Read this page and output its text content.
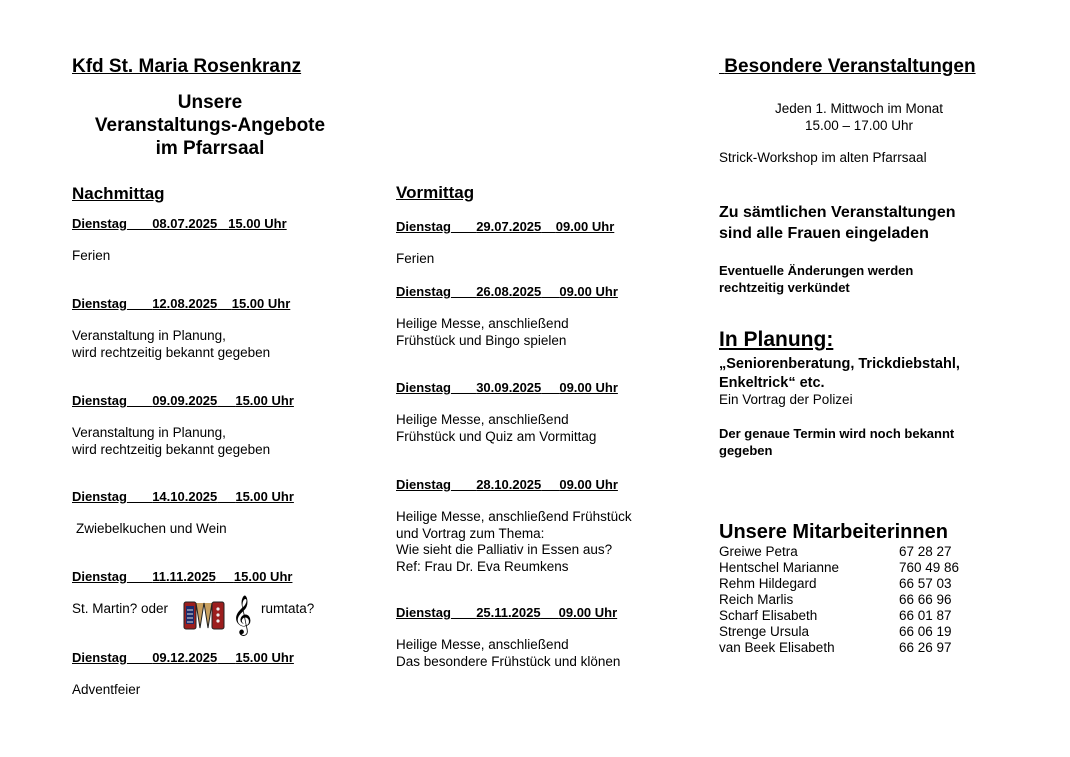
Kfd St. Maria Rosenkranz
Unsere
Veranstaltungs-Angebote
im Pfarrsaal
Nachmittag
Dienstag 08.07.2025 15.00 Uhr
Ferien
Dienstag 12.08.2025 15.00 Uhr
Veranstaltung in Planung,
wird rechtzeitig bekannt gegeben
Dienstag 09.09.2025 15.00 Uhr
Veranstaltung in Planung,
wird rechtzeitig bekannt gegeben
Dienstag 14.10.2025 15.00 Uhr
Zwiebelkuchen und Wein
Dienstag 11.11.2025 15.00 Uhr
St. Martin? oder 𝄞 rumtata?
Dienstag 09.12.2025 15.00 Uhr
Adventfeier
Vormittag
Dienstag 29.07.2025 09.00 Uhr
Ferien
Dienstag 26.08.2025 09.00 Uhr
Heilige Messe, anschließend
Frühstück und Bingo spielen
Dienstag 30.09.2025 09.00 Uhr
Heilige Messe, anschließend
Frühstück und Quiz am Vormittag
Dienstag 28.10.2025 09.00 Uhr
Heilige Messe, anschließend Frühstück
und Vortrag zum Thema:
Wie sieht die Palliativ in Essen aus?
Ref: Frau Dr. Eva Reumkens
Dienstag 25.11.2025 09.00 Uhr
Heilige Messe, anschließend
Das besondere Frühstück und klönen
Besondere Veranstaltungen
Jeden 1. Mittwoch im Monat
15.00 – 17.00 Uhr
Strick-Workshop im alten Pfarrsaal
Zu sämtlichen Veranstaltungen
sind alle Frauen eingeladen
Eventuelle Änderungen werden
rechtzeitig verkündet
In Planung:
„Seniorenberatung, Trickdiebstahl,
Enkeltrick“ etc.
Ein Vortrag der Polizei
Der genaue Termin wird noch bekannt
gegeben
Unsere Mitarbeiterinnen
Greiwe Petra	67 28 27
Hentschel Marianne	760 49 86
Rehm Hildegard	66 57 03
Reich Marlis	66 66 96
Scharf Elisabeth	66 01 87
Strenge Ursula	66 06 19
van Beek Elisabeth	66 26 97
